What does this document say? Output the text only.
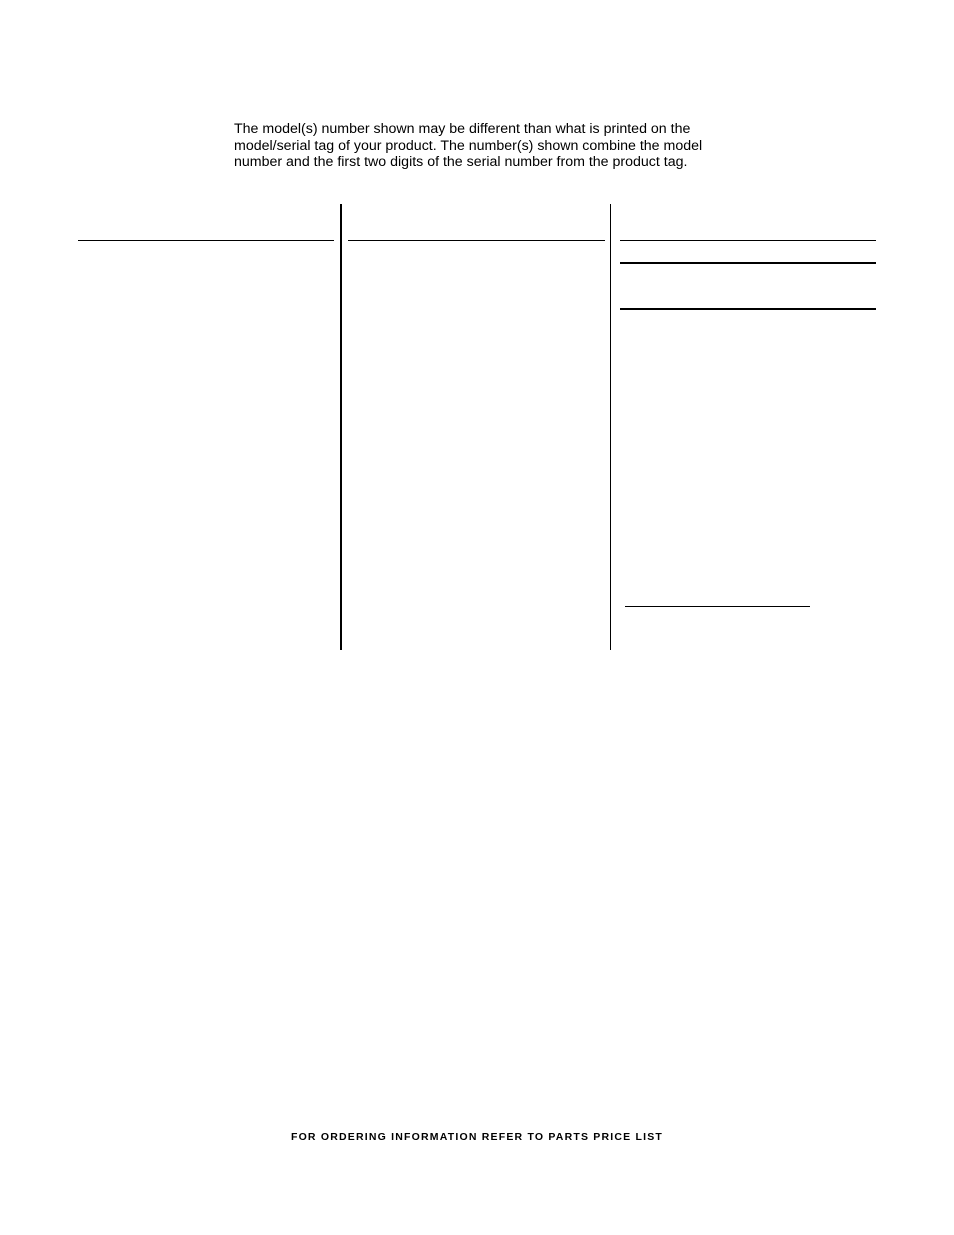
The model(s) number shown may be different than what is printed on the
model/serial tag of your product. The number(s) shown combine the model
number and the first two digits of the serial number from the product tag.
FOR ORDERING INFORMATION REFER TO PARTS PRICE LIST
